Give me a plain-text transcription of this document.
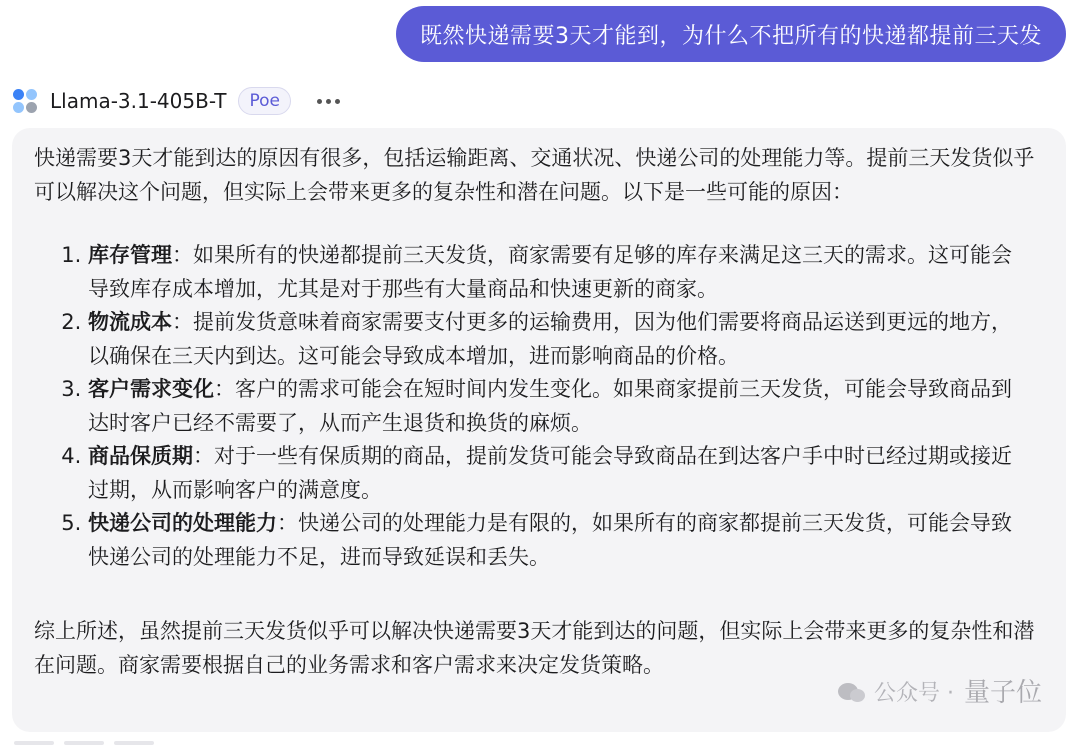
既然快递需要3天才能到，为什么不把所有的快递都提前三天发
Llama-3.1-405B-T	Poe

快递需要3天才能到达的原因有很多，包括运输距离、交通状况、快递公司的处理能力等。提前三天发货似乎可以解决这个问题，但实际上会带来更多的复杂性和潜在问题。以下是一些可能的原因：

1. 库存管理：如果所有的快递都提前三天发货，商家需要有足够的库存来满足这三天的需求。这可能会导致库存成本增加，尤其是对于那些有大量商品和快速更新的商家。
2. 物流成本：提前发货意味着商家需要支付更多的运输费用，因为他们需要将商品运送到更远的地方，以确保在三天内到达。这可能会导致成本增加，进而影响商品的价格。
3. 客户需求变化：客户的需求可能会在短时间内发生变化。如果商家提前三天发货，可能会导致商品到达时客户已经不需要了，从而产生退货和换货的麻烦。
4. 商品保质期：对于一些有保质期的商品，提前发货可能会导致商品在到达客户手中时已经过期或接近过期，从而影响客户的满意度。
5. 快递公司的处理能力：快递公司的处理能力是有限的，如果所有的商家都提前三天发货，可能会导致快递公司的处理能力不足，进而导致延误和丢失。

综上所述，虽然提前三天发货似乎可以解决快递需要3天才能到达的问题，但实际上会带来更多的复杂性和潜在问题。商家需要根据自己的业务需求和客户需求来决定发货策略。

公众号 · 量子位
